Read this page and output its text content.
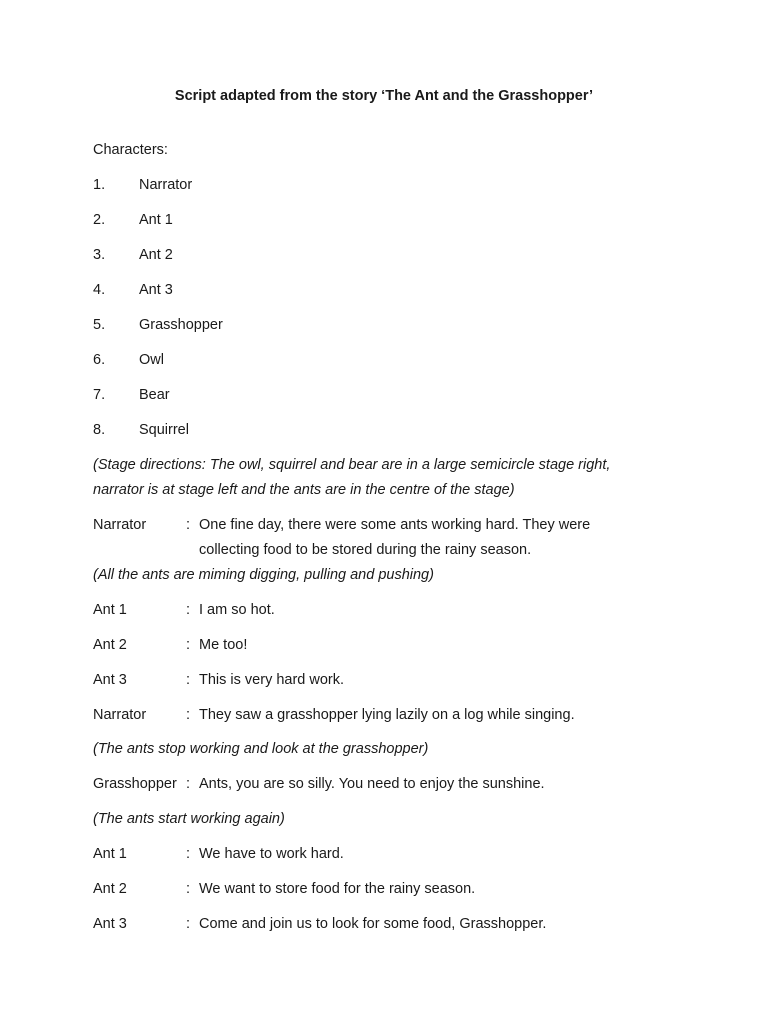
Script adapted from the story ‘The Ant and the Grasshopper’
Characters:
1. Narrator
2. Ant 1
3. Ant 2
4. Ant 3
5. Grasshopper
6. Owl
7. Bear
8. Squirrel
(Stage directions: The owl, squirrel and bear are in a large semicircle stage right,
narrator is at stage left and the ants are in the centre of the stage)
Narrator	: One fine day, there were some ants working hard. They were
collecting food to be stored during the rainy season.
(All the ants are miming digging, pulling and pushing)
Ant 1	: I am so hot.
Ant 2	: Me too!
Ant 3	: This is very hard work.
Narrator	: They saw a grasshopper lying lazily on a log while singing.
(The ants stop working and look at the grasshopper)
Grasshopper : Ants, you are so silly. You need to enjoy the sunshine.
(The ants start working again)
Ant 1	: We have to work hard.
Ant 2	: We want to store food for the rainy season.
Ant 3	: Come and join us to look for some food, Grasshopper.
